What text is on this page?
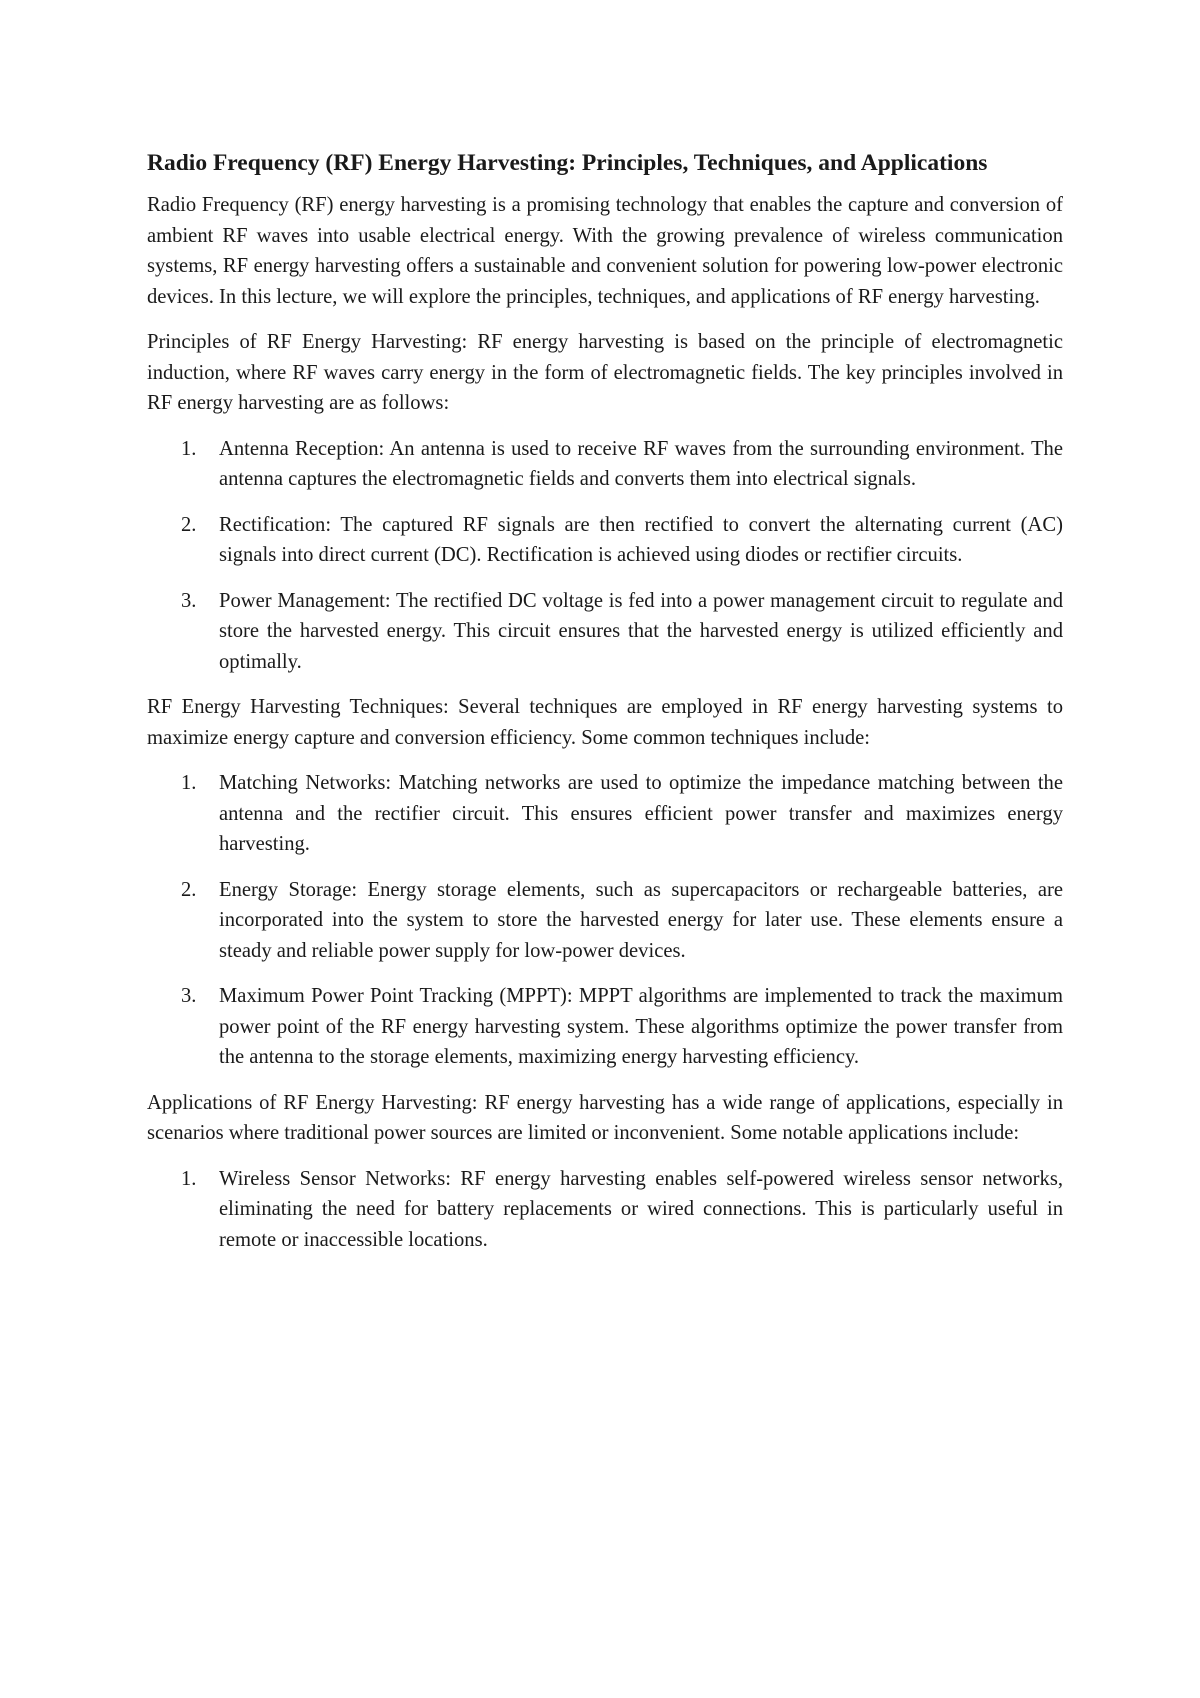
Radio Frequency (RF) Energy Harvesting: Principles, Techniques, and Applications

Radio Frequency (RF) energy harvesting is a promising technology that enables the capture and conversion of ambient RF waves into usable electrical energy. With the growing prevalence of wireless communication systems, RF energy harvesting offers a sustainable and convenient solution for powering low-power electronic devices. In this lecture, we will explore the principles, techniques, and applications of RF energy harvesting.

Principles of RF Energy Harvesting: RF energy harvesting is based on the principle of electromagnetic induction, where RF waves carry energy in the form of electromagnetic fields. The key principles involved in RF energy harvesting are as follows:

1. Antenna Reception: An antenna is used to receive RF waves from the surrounding environment. The antenna captures the electromagnetic fields and converts them into electrical signals.
2. Rectification: The captured RF signals are then rectified to convert the alternating current (AC) signals into direct current (DC). Rectification is achieved using diodes or rectifier circuits.
3. Power Management: The rectified DC voltage is fed into a power management circuit to regulate and store the harvested energy. This circuit ensures that the harvested energy is utilized efficiently and optimally.

RF Energy Harvesting Techniques: Several techniques are employed in RF energy harvesting systems to maximize energy capture and conversion efficiency. Some common techniques include:

1. Matching Networks: Matching networks are used to optimize the impedance matching between the antenna and the rectifier circuit. This ensures efficient power transfer and maximizes energy harvesting.
2. Energy Storage: Energy storage elements, such as supercapacitors or rechargeable batteries, are incorporated into the system to store the harvested energy for later use. These elements ensure a steady and reliable power supply for low-power devices.
3. Maximum Power Point Tracking (MPPT): MPPT algorithms are implemented to track the maximum power point of the RF energy harvesting system. These algorithms optimize the power transfer from the antenna to the storage elements, maximizing energy harvesting efficiency.

Applications of RF Energy Harvesting: RF energy harvesting has a wide range of applications, especially in scenarios where traditional power sources are limited or inconvenient. Some notable applications include:

1. Wireless Sensor Networks: RF energy harvesting enables self-powered wireless sensor networks, eliminating the need for battery replacements or wired connections. This is particularly useful in remote or inaccessible locations.
